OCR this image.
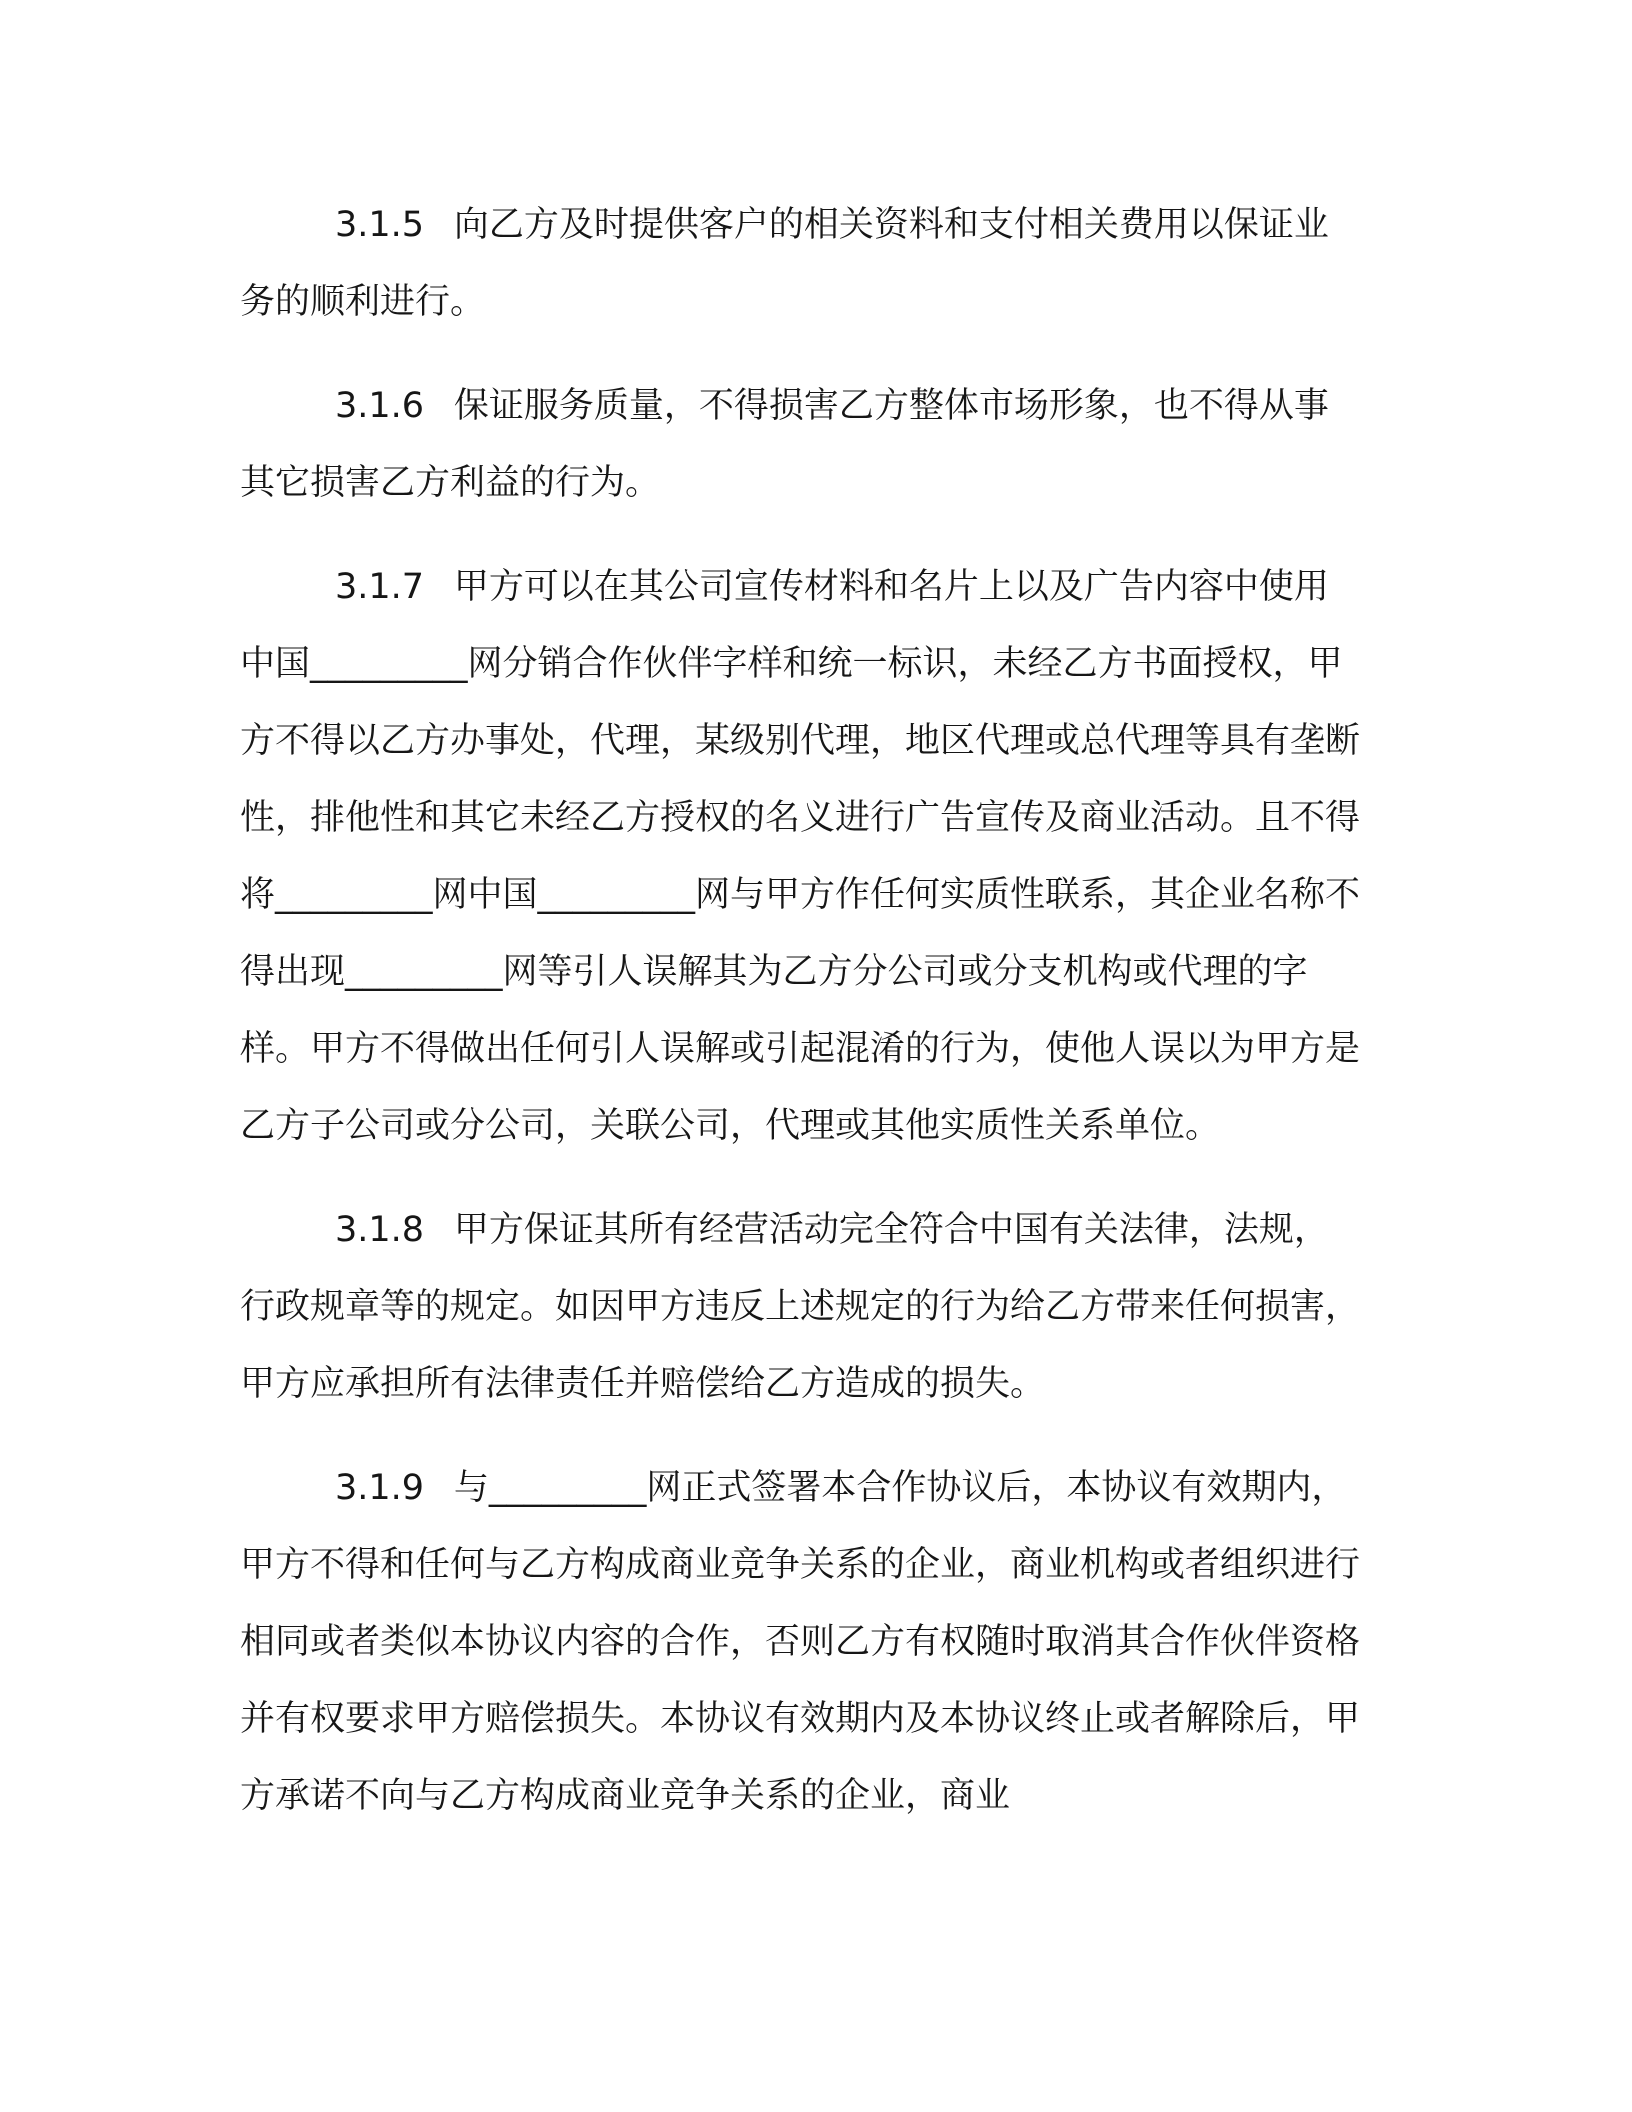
3.1.5 向乙方及时提供客户的相关资料和支付相关费用以保证业务的顺利进行。

3.1.6 保证服务质量，不得损害乙方整体市场形象，也不得从事其它损害乙方利益的行为。

3.1.7 甲方可以在其公司宣传材料和名片上以及广告内容中使用中国_________网分销合作伙伴字样和统一标识，未经乙方书面授权，甲方不得以乙方办事处，代理，某级别代理，地区代理或总代理等具有垄断性，排他性和其它未经乙方授权的名义进行广告宣传及商业活动。且不得将_________网中国_________网与甲方作任何实质性联系，其企业名称不得出现_________网等引人误解其为乙方分公司或分支机构或代理的字样。甲方不得做出任何引人误解或引起混淆的行为，使他人误以为甲方是乙方子公司或分公司，关联公司，代理或其他实质性关系单位。

3.1.8 甲方保证其所有经营活动完全符合中国有关法律，法规，行政规章等的规定。如因甲方违反上述规定的行为给乙方带来任何损害，甲方应承担所有法律责任并赔偿给乙方造成的损失。

3.1.9 与_________网正式签署本合作协议后，本协议有效期内，甲方不得和任何与乙方构成商业竞争关系的企业，商业机构或者组织进行相同或者类似本协议内容的合作，否则乙方有权随时取消其合作伙伴资格并有权要求甲方赔偿损失。本协议有效期内及本协议终止或者解除后，甲方承诺不向与乙方构成商业竞争关系的企业，商业
